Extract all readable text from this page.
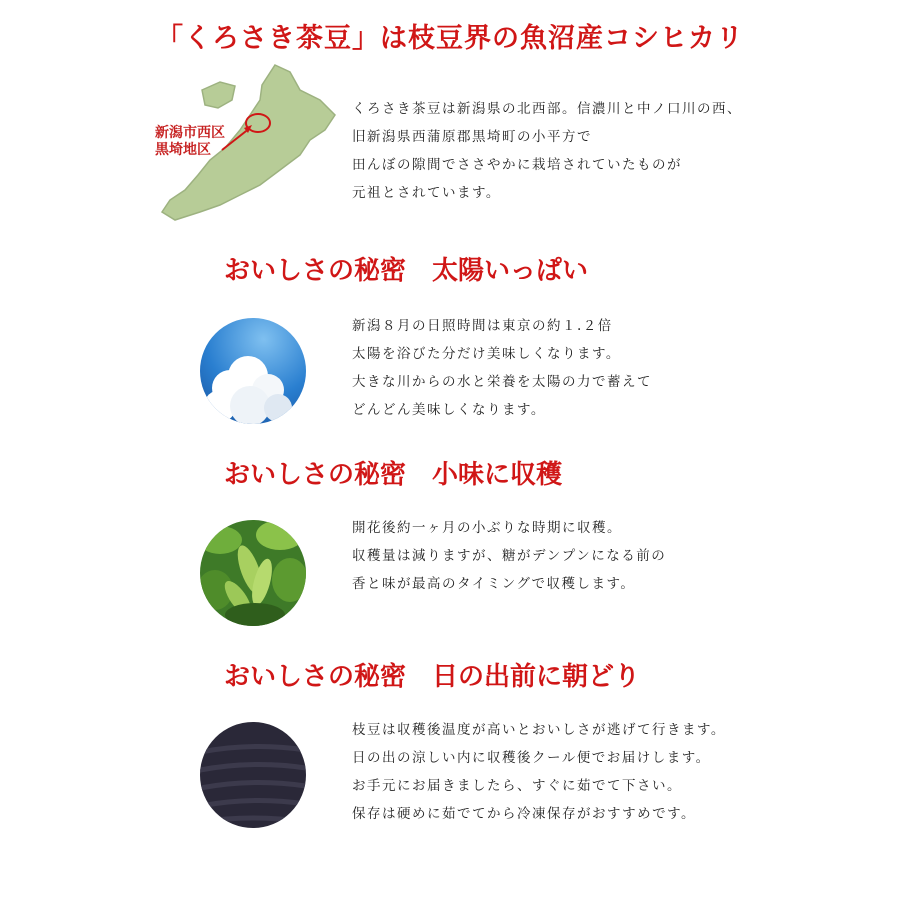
「くろさき茶豆」は枝豆界の魚沼産コシヒカリ
新潟市西区
黒埼地区
くろさき茶豆は新潟県の北西部。信濃川と中ノ口川の西、
旧新潟県西蒲原郡黒埼町の小平方で
田んぼの隙間でささやかに栽培されていたものが
元祖とされています。
おいしさの秘密　太陽いっぱい
新潟８月の日照時間は東京の約１.２倍
太陽を浴びた分だけ美味しくなります。
大きな川からの水と栄養を太陽の力で蓄えて
どんどん美味しくなります。
おいしさの秘密　小味に収穫
開花後約一ヶ月の小ぶりな時期に収穫。
収穫量は減りますが、糖がデンプンになる前の
香と味が最高のタイミングで収穫します。
おいしさの秘密　日の出前に朝どり
枝豆は収穫後温度が高いとおいしさが逃げて行きます。
日の出の涼しい内に収穫後クール便でお届けします。
お手元にお届きましたら、すぐに茹でて下さい。
保存は硬めに茹でてから冷凍保存がおすすめです。
